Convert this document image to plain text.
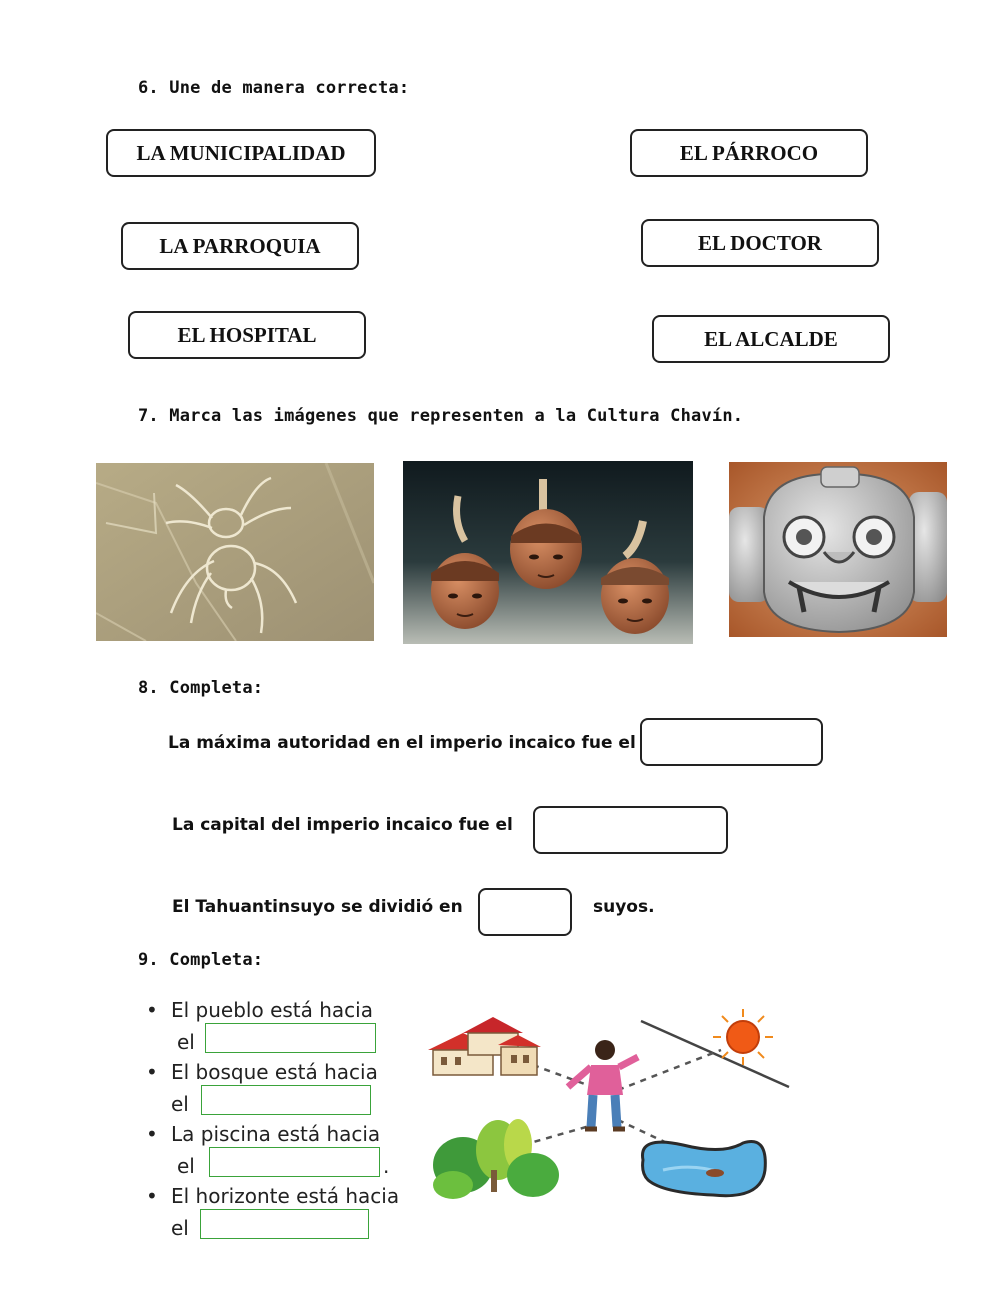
6. Une de manera correcta:
LA MUNICIPALIDAD
LA PARROQUIA
EL HOSPITAL
EL PÁRROCO
EL DOCTOR
EL ALCALDE
7. Marca las imágenes que representen a la Cultura Chavín.
8. Completa:
La máxima autoridad en el imperio incaico fue el
La capital del imperio incaico fue el
El Tahuantinsuyo se dividió en	suyos.
9. Completa:
• El pueblo está hacia
el
• El bosque está hacia
el
• La piscina está hacia
el	.
• El horizonte está hacia
el
